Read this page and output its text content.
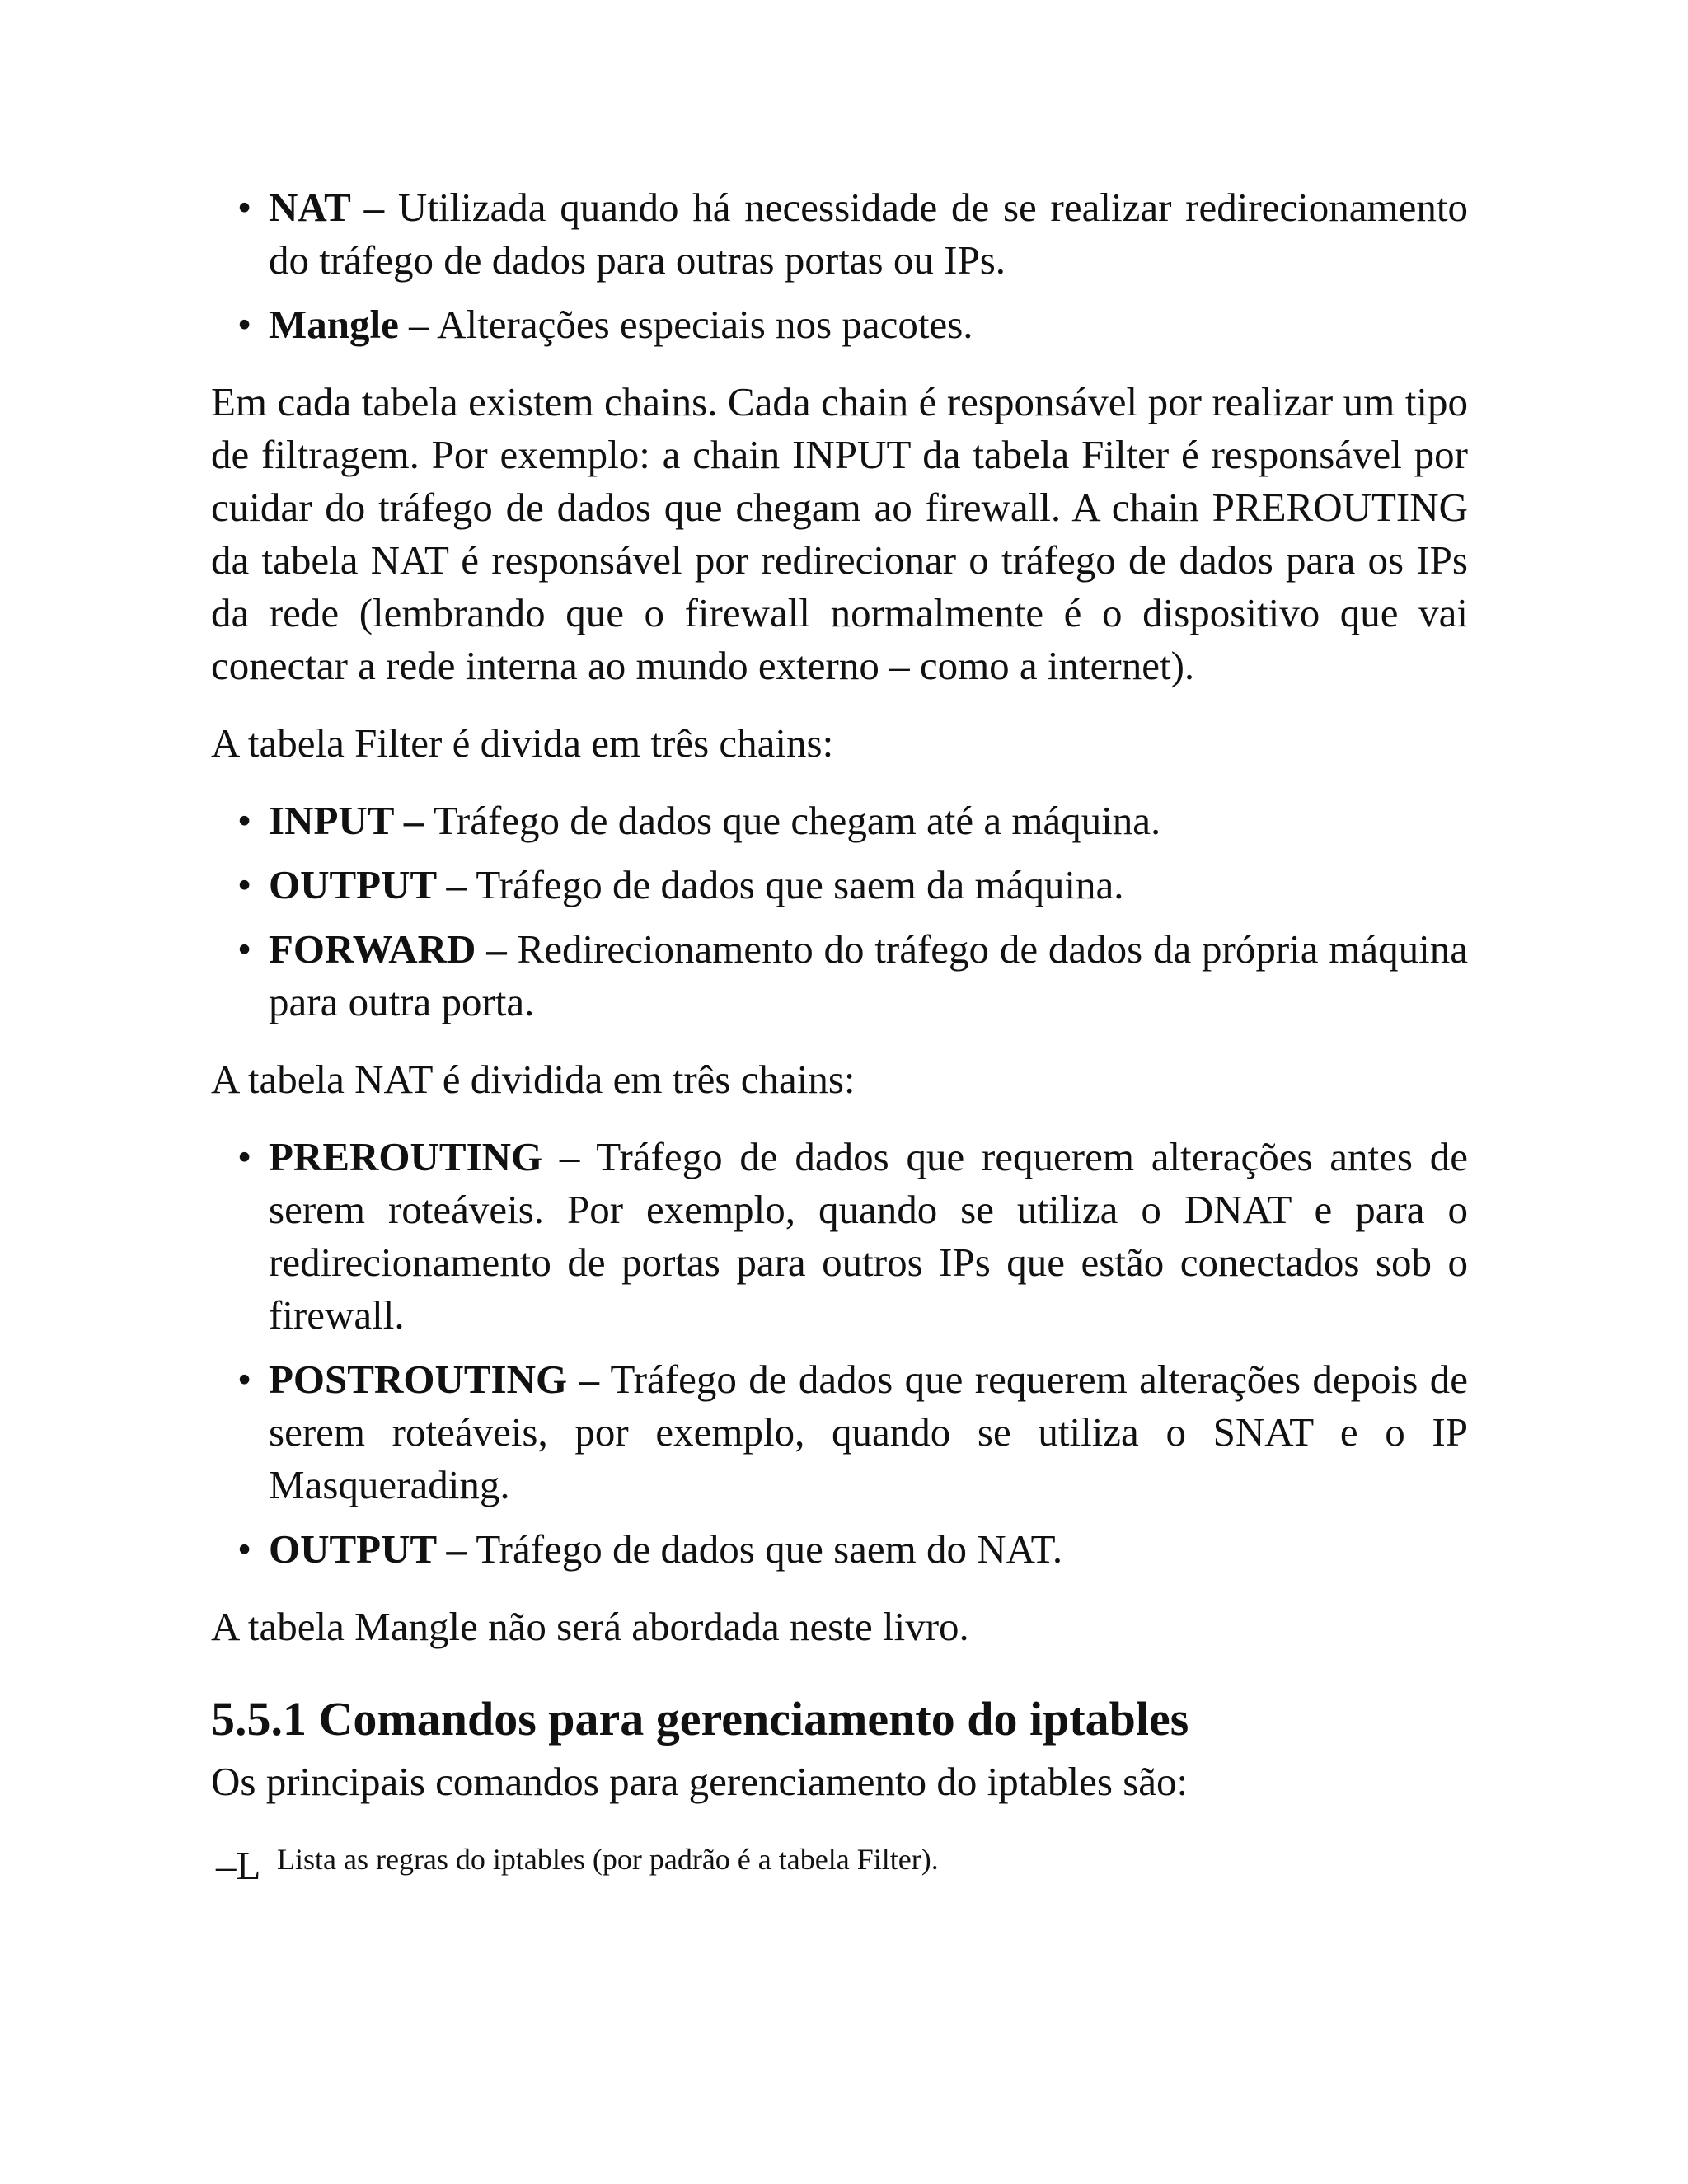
• NAT – Utilizada quando há necessidade de se realizar redirecionamento do tráfego de dados para outras portas ou IPs.
• Mangle – Alterações especiais nos pacotes.

Em cada tabela existem chains. Cada chain é responsável por realizar um tipo de filtragem. Por exemplo: a chain INPUT da tabela Filter é responsável por cuidar do tráfego de dados que chegam ao firewall. A chain PREROUTING da tabela NAT é responsável por redirecionar o tráfego de dados para os IPs da rede (lembrando que o firewall normalmente é o dispositivo que vai conectar a rede interna ao mundo externo – como a internet).

A tabela Filter é divida em três chains:

• INPUT – Tráfego de dados que chegam até a máquina.
• OUTPUT – Tráfego de dados que saem da máquina.
• FORWARD – Redirecionamento do tráfego de dados da própria máquina para outra porta.

A tabela NAT é dividida em três chains:

• PREROUTING – Tráfego de dados que requerem alterações antes de serem roteáveis. Por exemplo, quando se utiliza o DNAT e para o redirecionamento de portas para outros IPs que estão conectados sob o firewall.
• POSTROUTING – Tráfego de dados que requerem alterações depois de serem roteáveis, por exemplo, quando se utiliza o SNAT e o IP Masquerading.
• OUTPUT – Tráfego de dados que saem do NAT.

A tabela Mangle não será abordada neste livro.

5.5.1 Comandos para gerenciamento do iptables

Os principais comandos para gerenciamento do iptables são:

–L Lista as regras do iptables (por padrão é a tabela Filter).
